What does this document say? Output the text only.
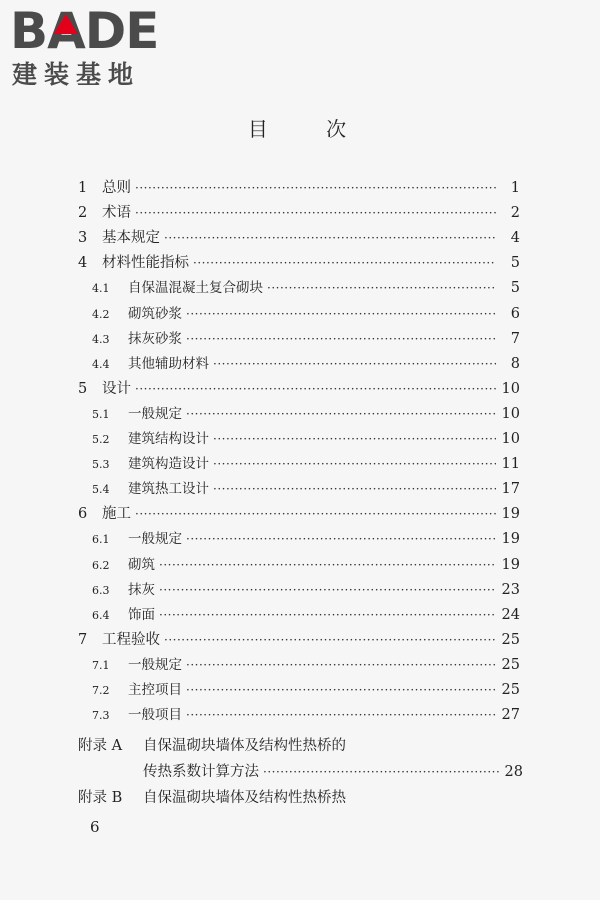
BADE
建装基地
目 次
1	总则 ·····	1
2	术语 ·····	2
3	基本规定 ·····	4
4	材料性能指标 ·····	5
4.1	自保温混凝土复合砌块 ·····	5
4.2	砌筑砂浆 ·····	6
4.3	抹灰砂浆 ·····	7
4.4	其他辅助材料 ·····	8
5	设计 ·····	10
5.1	一般规定 ·····	10
5.2	建筑结构设计 ·····	10
5.3	建筑构造设计 ·····	11
5.4	建筑热工设计 ·····	17
6	施工 ·····	19
6.1	一般规定 ·····	19
6.2	砌筑 ·····	19
6.3	抹灰 ·····	23
6.4	饰面 ·····	24
7	工程验收 ·····	25
7.1	一般规定 ·····	25
7.2	主控项目 ·····	25
7.3	一般项目 ·····	27
附录 A 自保温砌块墙体及结构性热桥的
传热系数计算方法 ·····	28
附录 B 自保温砌块墙体及结构性热桥热
6
